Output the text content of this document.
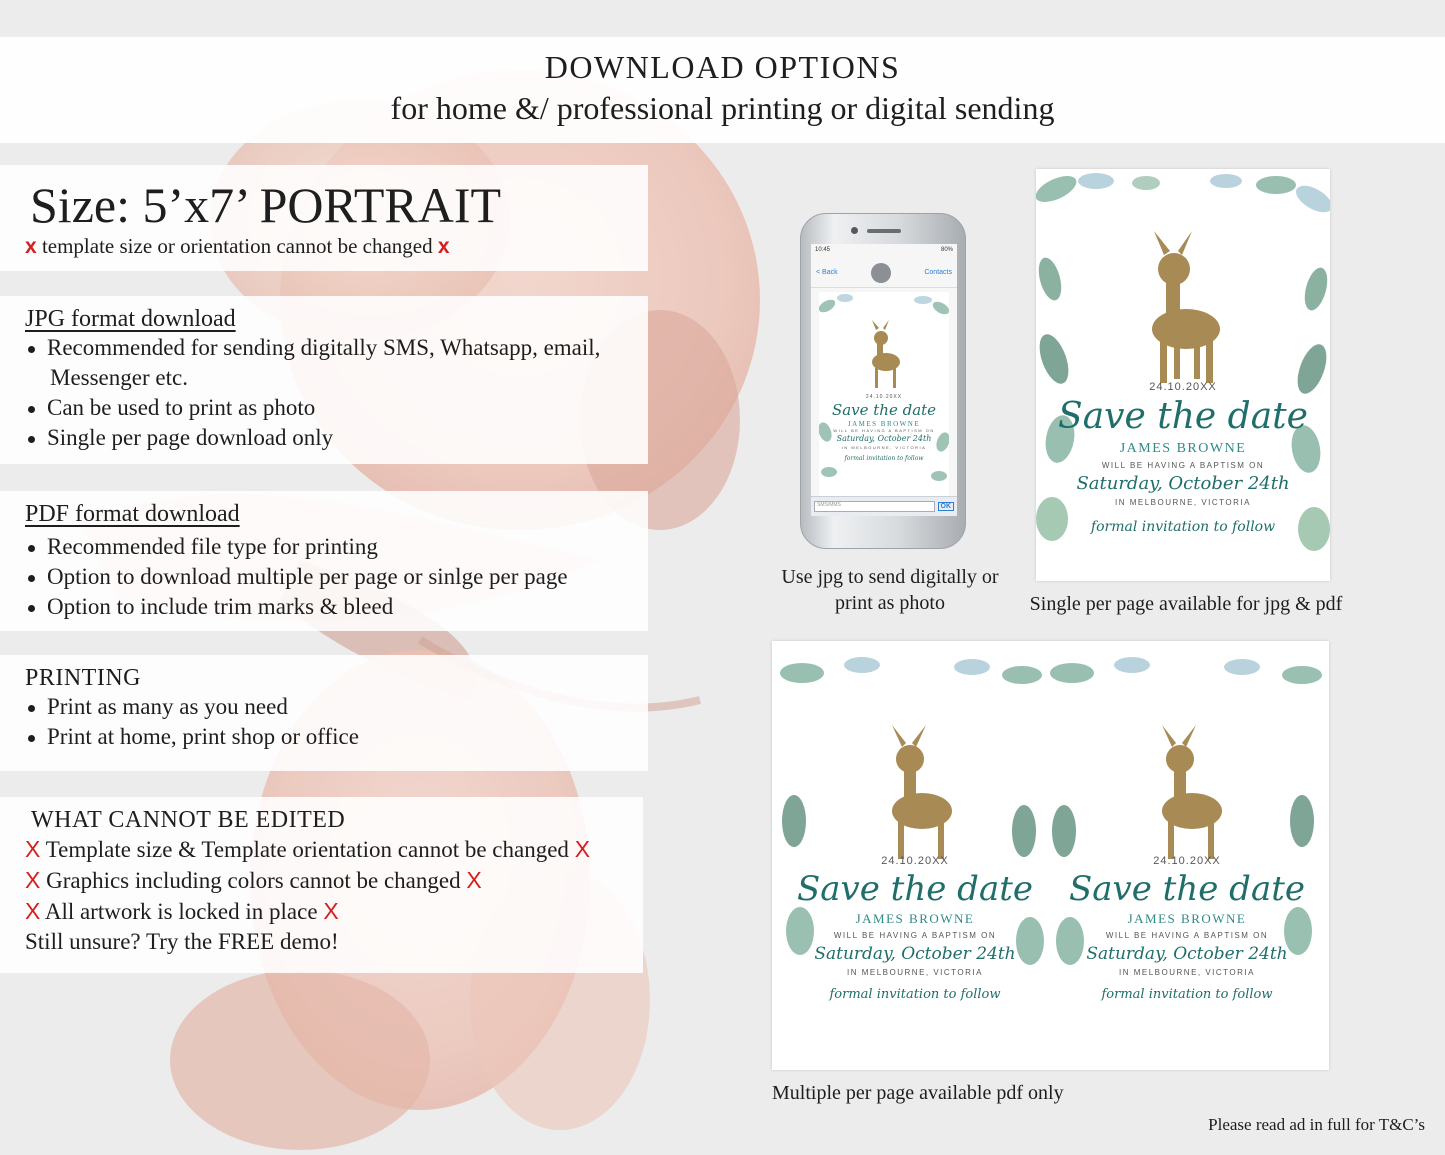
DOWNLOAD OPTIONS
for home &/ professional printing or digital sending
Size: 5’x7’ PORTRAIT
x template size or orientation cannot be changed x
JPG format download
Recommended for sending digitally SMS, Whatsapp, email,
Messenger etc.
Can be used to print as photo
Single per page download only
PDF format download
Recommended file type for printing
Option to download multiple per page or sinlge per page
Option to include trim marks & bleed
PRINTING
Print as many as you need
Print at home, print shop or office
WHAT CANNOT BE EDITED
X Template size & Template orientation cannot be changed X
X Graphics including colors cannot be changed X
X All artwork is locked in place X
Still unsure? Try the FREE demo!
10:45	80%
< Back	Contacts
24.10.20XX
Save the date
JAMES BROWNE
WILL BE HAVING A BAPTISM ON
Saturday, October 24th
IN MELBOURNE, VICTORIA
formal invitation to follow
SMS/MMS	OK
24.10.20XX
Save the date
JAMES BROWNE
WILL BE HAVING A BAPTISM ON
Saturday, October 24th
IN MELBOURNE, VICTORIA
formal invitation to follow
24.10.20XX
Save the date
JAMES BROWNE
WILL BE HAVING A BAPTISM ON
Saturday, October 24th
IN MELBOURNE, VICTORIA
formal invitation to follow
24.10.20XX
Save the date
JAMES BROWNE
WILL BE HAVING A BAPTISM ON
Saturday, October 24th
IN MELBOURNE, VICTORIA
formal invitation to follow
Use jpg to send digitally or print as photo	Single per page available for jpg & pdf
Multiple per page available pdf only
Please read ad in full for T&C’s
